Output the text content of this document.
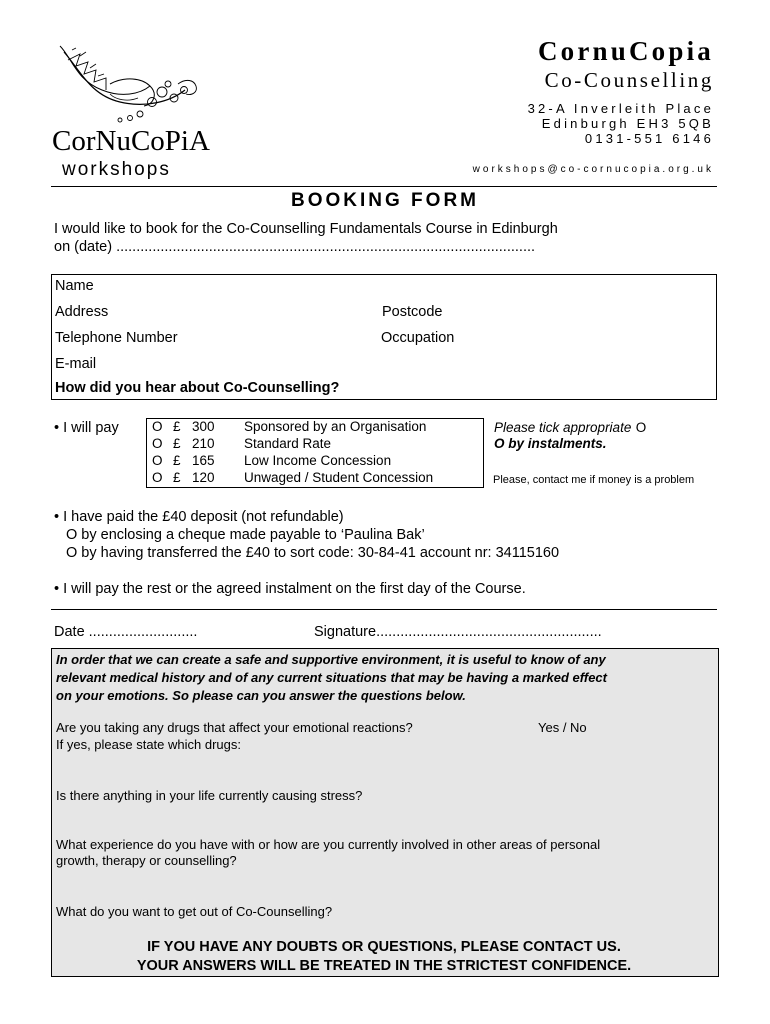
CorNuCoPiA
workshops
CornuCopia
Co-Counselling
32-A Inverleith Place
Edinburgh EH3 5QB
0131-551 6146
workshops@co-cornucopia.org.uk
BOOKING FORM
I would like to book for the Co-Counselling Fundamentals Course in Edinburgh
on (date) ........................................................................................................
Name
Address	Postcode
Telephone Number	Occupation
E-mail
How did you hear about Co-Counselling?
• I will pay O £ 300 Sponsored by an Organisation
O £ 210 Standard Rate
O £ 165 Low Income Concession
O £ 120 Unwaged / Student Concession
Please tick appropriate O
O by instalments.
Please, contact me if money is a problem
• I have paid the £40 deposit (not refundable)
O by enclosing a cheque made payable to ‘Paulina Bak’
O by having transferred the £40 to sort code: 30-84-41 account nr: 34115160
• I will pay the rest or the agreed instalment on the first day of the Course.
Date ...........................	Signature........................................................
In order that we can create a safe and supportive environment, it is useful to know of any
relevant medical history and of any current situations that may be having a marked effect
on your emotions. So please can you answer the questions below.
Are you taking any drugs that affect your emotional reactions?	Yes / No
If yes, please state which drugs:
Is there anything in your life currently causing stress?
What experience do you have with or how are you currently involved in other areas of personal
growth, therapy or counselling?
What do you want to get out of Co-Counselling?
IF YOU HAVE ANY DOUBTS OR QUESTIONS, PLEASE CONTACT US.
YOUR ANSWERS WILL BE TREATED IN THE STRICTEST CONFIDENCE.
